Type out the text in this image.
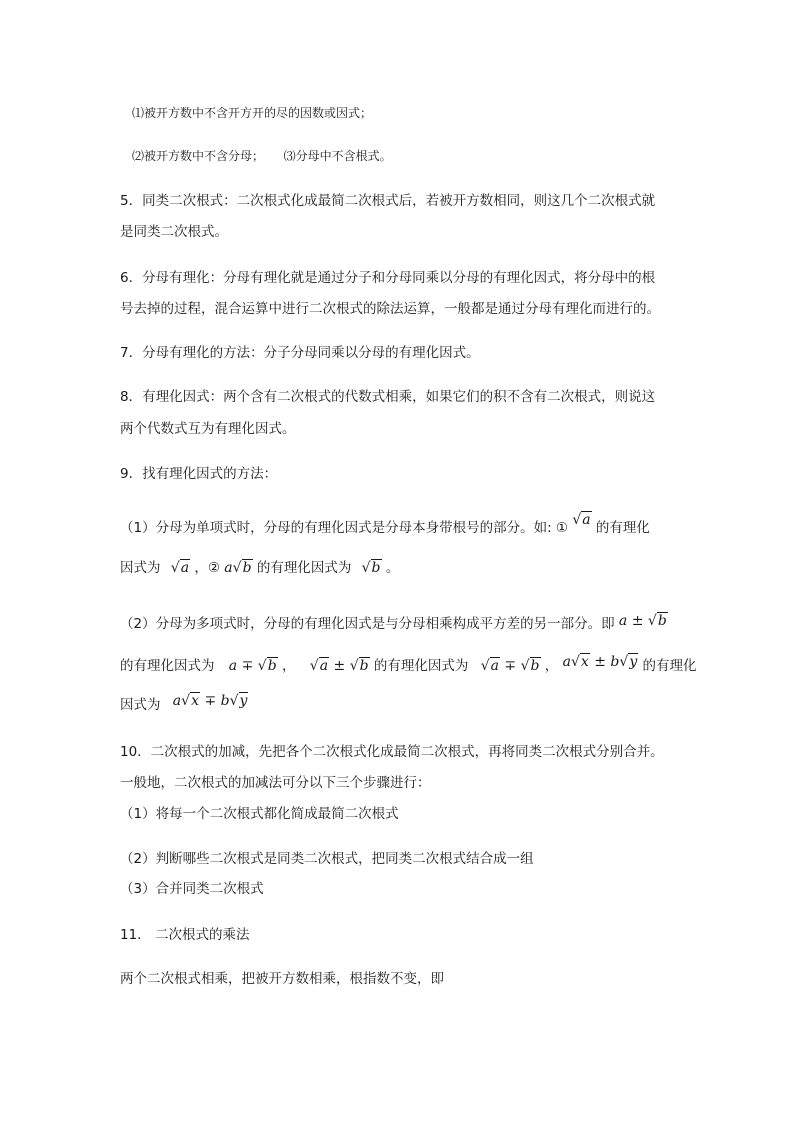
⑴被开方数中不含开方开的尽的因数或因式；
⑵被开方数中不含分母； ⑶分母中不含根式。
5．同类二次根式：二次根式化成最简二次根式后，若被开方数相同，则这几个二次根式就
是同类二次根式。
6．分母有理化：分母有理化就是通过分子和分母同乘以分母的有理化因式，将分母中的根
号去掉的过程，混合运算中进行二次根式的除法运算，一般都是通过分母有理化而进行的。
7．分母有理化的方法：分子分母同乘以分母的有理化因式。
8．有理化因式：两个含有二次根式的代数式相乘，如果它们的积不含有二次根式，则说这
两个代数式互为有理化因式。
9．找有理化因式的方法：
（1）分母为单项式时，分母的有理化因式是分母本身带根号的部分。如: ① √a 的有理化
因式为 √a ，② a√b 的有理化因式为 √b 。
（2）分母为多项式时，分母的有理化因式是与分母相乘构成平方差的另一部分。即 a ± √b
的有理化因式为 a ∓ √b ， √a ± √b 的有理化因式为 √a ∓ √b ， a√x ± b√y 的有理化
因式为 a√x ∓ b√y
10．二次根式的加减，先把各个二次根式化成最简二次根式，再将同类二次根式分别合并。
一般地，二次根式的加减法可分以下三个步骤进行：
（1）将每一个二次根式都化简成最简二次根式
（2）判断哪些二次根式是同类二次根式，把同类二次根式结合成一组
（3）合并同类二次根式
11． 二次根式的乘法
两个二次根式相乘，把被开方数相乘，根指数不变，即
